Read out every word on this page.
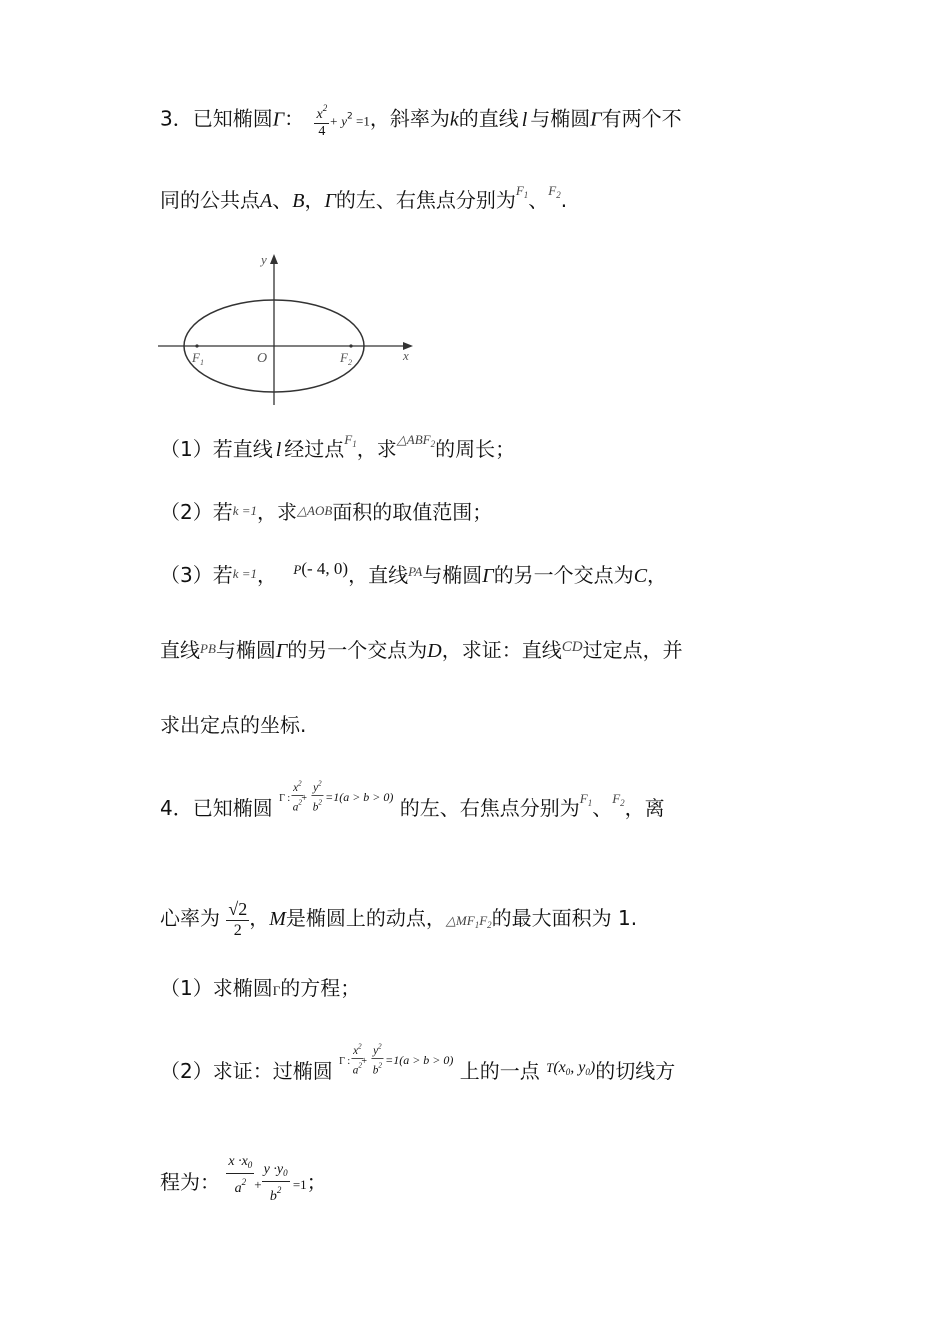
3．已知椭圆Γ： $\frac{x^2}{4} + y^2 =1$，斜率为k的直线 l 与椭圆Γ有两个不
同的公共点A、B，Γ的左、右焦点分别为$^{F_1}$、$^{F_2}$.
y
x
O
$F_1$	$F_2$
（1）若直线 l 经过点$^{F_1}$，求$^{\triangle ABF_2}$的周长；
（2）若$^{k =1}$，求$^{\triangle AOB}$面积的取值范围；
（3）若$^{k =1}$， P(- 4, 0)，直线$^{PA}$与椭圆Γ的另一个交点为C，
直线$^{PB}$与椭圆Γ的另一个交点为D，求证：直线$^{CD}$过定点，并
求出定点的坐标.
4．已知椭圆 Γ :
$\frac{x^2}{a^2}$
+ $\frac{y^2}{b^2}$
=1(a > b > 0) 的左、右焦点分别为$^{F_1}$、$^{F_2}$，离
心率为 $\frac{√2}{2}$ ，M是椭圆上的动点，$\triangle MF_1F_2$的最大面积为 1.
（1）求椭圆Γ的方程；
（2）求证：过椭圆 Γ :
$\frac{x^2}{a^2}$
+ $\frac{y^2}{b^2}$
=1(a > b > 0) 上的一点 $T(x_0$, $y_0$)的切线方
程为： $\frac{x \cdot x_0}{a^2} + \frac{y \cdot y_0}{b^2} =1$；
